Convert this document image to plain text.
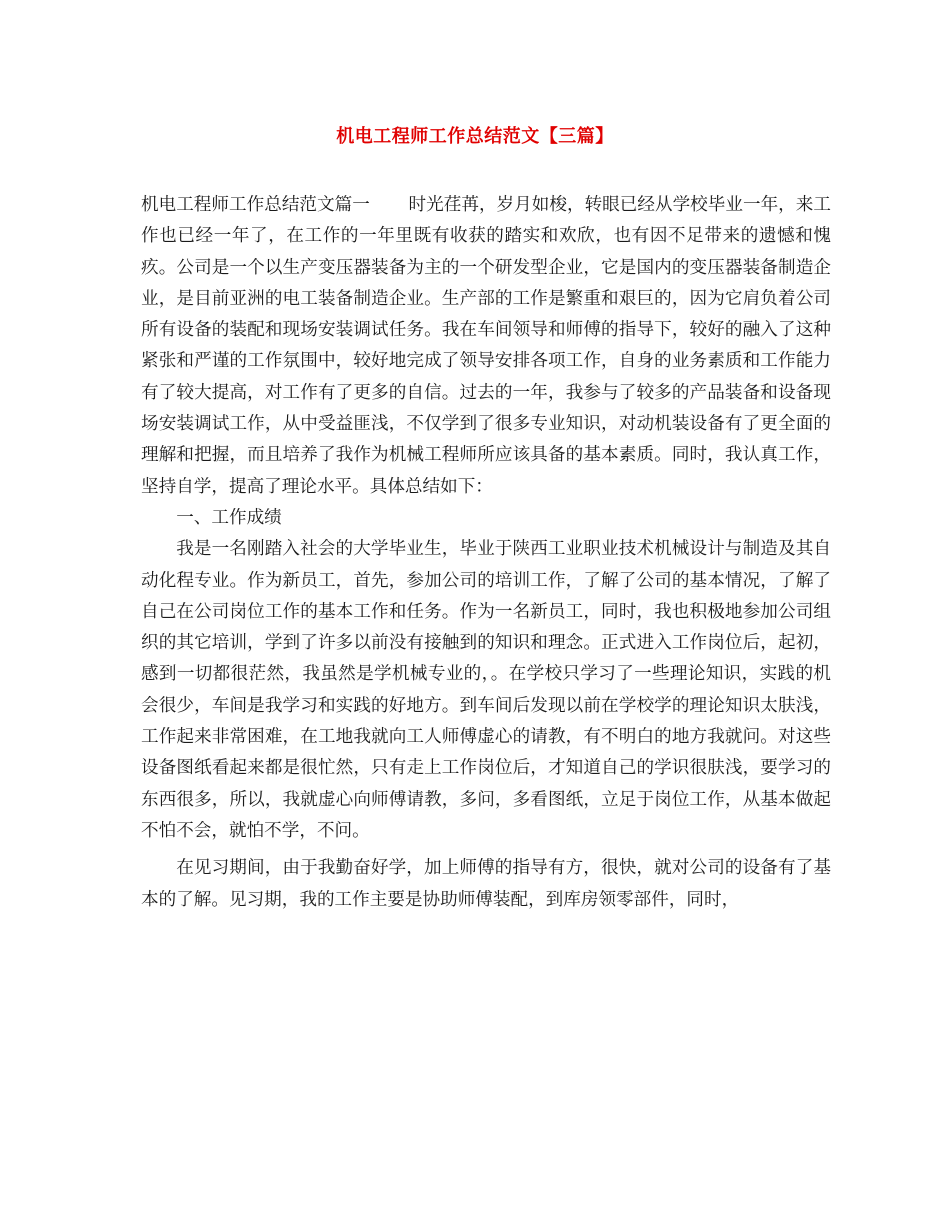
机电工程师工作总结范文【三篇】

机电工程师工作总结范文篇一 时光荏苒，岁月如梭，转眼已经从学校毕业一年，来工作也已经一年了，在工作的一年里既有收获的踏实和欢欣，也有因不足带来的遗憾和愧疚。公司是一个以生产变压器装备为主的一个研发型企业，它是国内的变压器装备制造企业，是目前亚洲的电工装备制造企业。生产部的工作是繁重和艰巨的，因为它肩负着公司所有设备的装配和现场安装调试任务。我在车间领导和师傅的指导下，较好的融入了这种紧张和严谨的工作氛围中，较好地完成了领导安排各项工作，自身的业务素质和工作能力有了较大提高，对工作有了更多的自信。过去的一年，我参与了较多的产品装备和设备现场安装调试工作，从中受益匪浅，不仅学到了很多专业知识，对动机装设备有了更全面的理解和把握，而且培养了我作为机械工程师所应该具备的基本素质。同时，我认真工作，坚持自学，提高了理论水平。具体总结如下：

一、工作成绩

我是一名刚踏入社会的大学毕业生，毕业于陕西工业职业技术机械设计与制造及其自动化程专业。作为新员工，首先，参加公司的培训工作，了解了公司的基本情况，了解了自己在公司岗位工作的基本工作和任务。作为一名新员工，同时，我也积极地参加公司组织的其它培训，学到了许多以前没有接触到的知识和理念。正式进入工作岗位后，起初，感到一切都很茫然，我虽然是学机械专业的，。在学校只学习了一些理论知识，实践的机会很少，车间是我学习和实践的好地方。到车间后发现以前在学校学的理论知识太肤浅，工作起来非常困难，在工地我就向工人师傅虚心的请教，有不明白的地方我就问。对这些设备图纸看起来都是很忙然，只有走上工作岗位后，才知道自己的学识很肤浅，要学习的东西很多，所以，我就虚心向师傅请教，多问，多看图纸，立足于岗位工作，从基本做起不怕不会，就怕不学，不问。

在见习期间，由于我勤奋好学，加上师傅的指导有方，很快，就对公司的设备有了基本的了解。见习期，我的工作主要是协助师傅装配，到库房领零部件，同时，
